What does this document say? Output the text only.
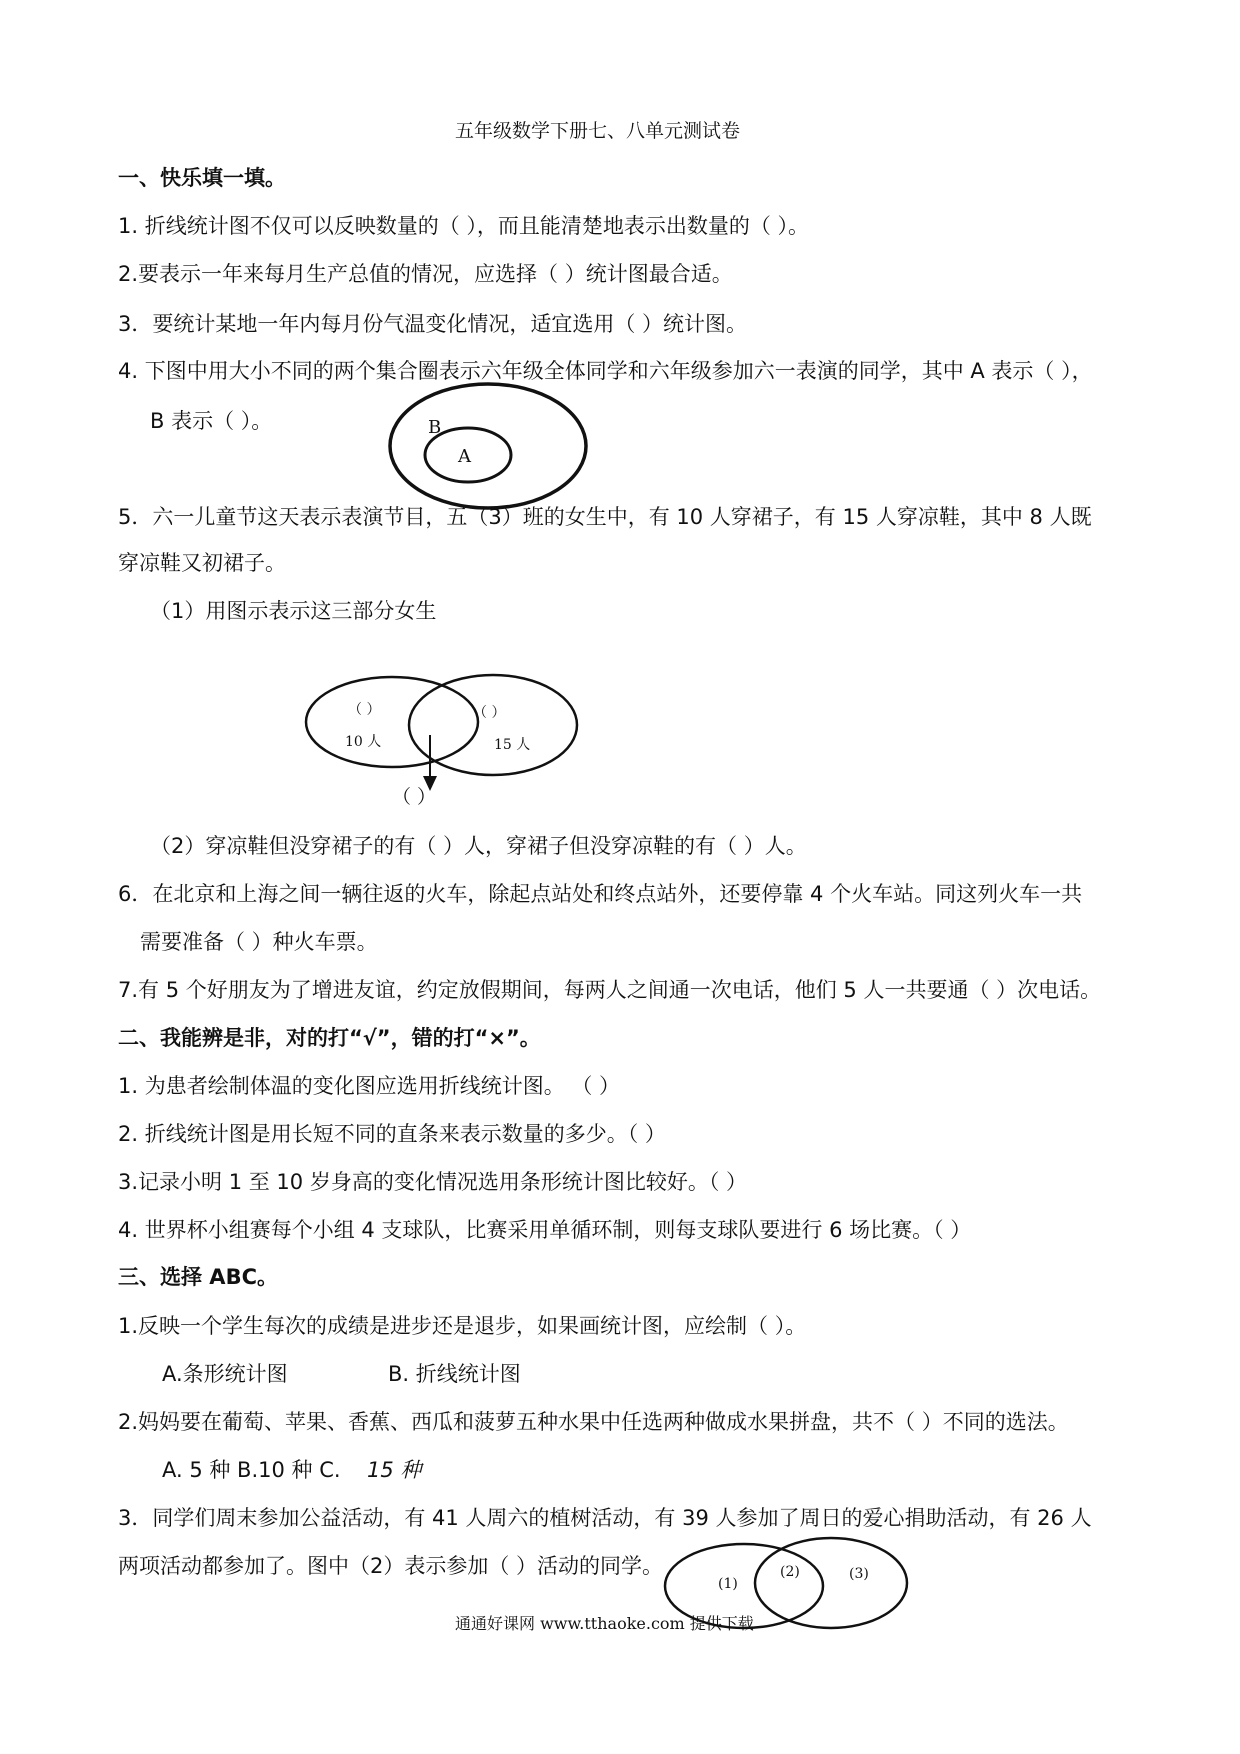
五年级数学下册七、八单元测试卷
一、快乐填一填。
1. 折线统计图不仅可以反映数量的（ ），而且能清楚地表示出数量的（ ）。
2.要表示一年来每月生产总值的情况，应选择（ ）统计图最合适。
3．要统计某地一年内每月份气温变化情况，适宜选用（ ）统计图。
4. 下图中用大小不同的两个集合圈表示六年级全体同学和六年级参加六一表演的同学，其中 A 表示（ ），
B 表示（ ）。	B
A
5．六一儿童节这天表示表演节目，五（3）班的女生中，有 10 人穿裙子，有 15 人穿凉鞋，其中 8 人既
穿凉鞋又初裙子。
（1）用图示表示这三部分女生
（ ）
10 人
（ ）
15 人
（ ）
（2）穿凉鞋但没穿裙子的有（ ）人，穿裙子但没穿凉鞋的有（ ）人。
6．在北京和上海之间一辆往返的火车，除起点站处和终点站外，还要停靠 4 个火车站。同这列火车一共
需要准备（ ）种火车票。
7.有 5 个好朋友为了增进友谊，约定放假期间，每两人之间通一次电话，他们 5 人一共要通（ ）次电话。
二、我能辨是非，对的打“√”，错的打“×”。
1. 为患者绘制体温的变化图应选用折线统计图。 （ ）
2. 折线统计图是用长短不同的直条来表示数量的多少。（ ）
3.记录小明 1 至 10 岁身高的变化情况选用条形统计图比较好。（ ）
4. 世界杯小组赛每个小组 4 支球队，比赛采用单循环制，则每支球队要进行 6 场比赛。（ ）
三、选择 ABC。
1.反映一个学生每次的成绩是进步还是退步，如果画统计图，应绘制（ ）。
A.条形统计图	B. 折线统计图
2.妈妈要在葡萄、苹果、香蕉、西瓜和菠萝五种水果中任选两种做成水果拼盘，共不（ ）不同的选法。
A. 5 种 B.10 种 C. 15 种
3．同学们周末参加公益活动，有 41 人周六的植树活动，有 39 人参加了周日的爱心捐助活动，有 26 人
两项活动都参加了。图中（2）表示参加（ ）活动的同学。
(1)
(2)	(3)
通通好课网 www.tthaoke.com 提供下载
